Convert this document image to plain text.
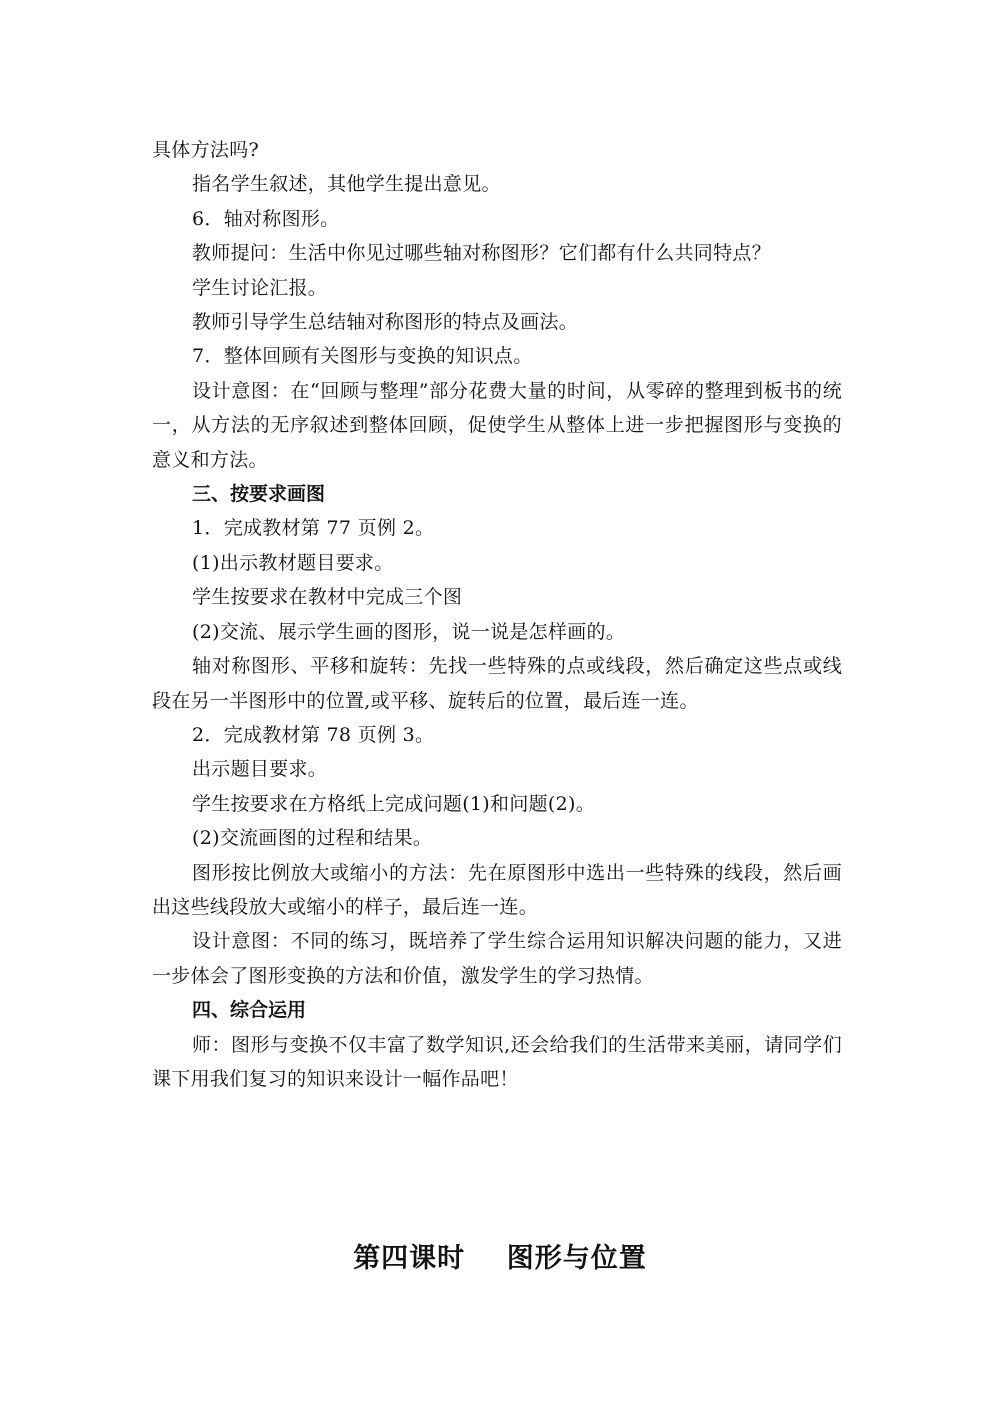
具体方法吗?

指名学生叙述，其他学生提出意见。

6．轴对称图形。

教师提问：生活中你见过哪些轴对称图形？它们都有什么共同特点？

学生讨论汇报。

教师引导学生总结轴对称图形的特点及画法。

7．整体回顾有关图形与变换的知识点。

设计意图：在“回顾与整理”部分花费大量的时间，从零碎的整理到板书的统一，从方法的无序叙述到整体回顾，促使学生从整体上进一步把握图形与变换的意义和方法。

三、按要求画图

1．完成教材第 77 页例 2。

(1)出示教材题目要求。

学生按要求在教材中完成三个图

(2)交流、展示学生画的图形，说一说是怎样画的。

轴对称图形、平移和旋转：先找一些特殊的点或线段，然后确定这些点或线段在另一半图形中的位置,或平移、旋转后的位置，最后连一连。

2．完成教材第 78 页例 3。

出示题目要求。

学生按要求在方格纸上完成问题(1)和问题(2)。

(2)交流画图的过程和结果。

图形按比例放大或缩小的方法：先在原图形中选出一些特殊的线段，然后画出这些线段放大或缩小的样子，最后连一连。

设计意图：不同的练习，既培养了学生综合运用知识解决问题的能力，又进一步体会了图形变换的方法和价值，激发学生的学习热情。

四、综合运用

师：图形与变换不仅丰富了数学知识,还会给我们的生活带来美丽，请同学们课下用我们复习的知识来设计一幅作品吧！

第四课时 图形与位置
